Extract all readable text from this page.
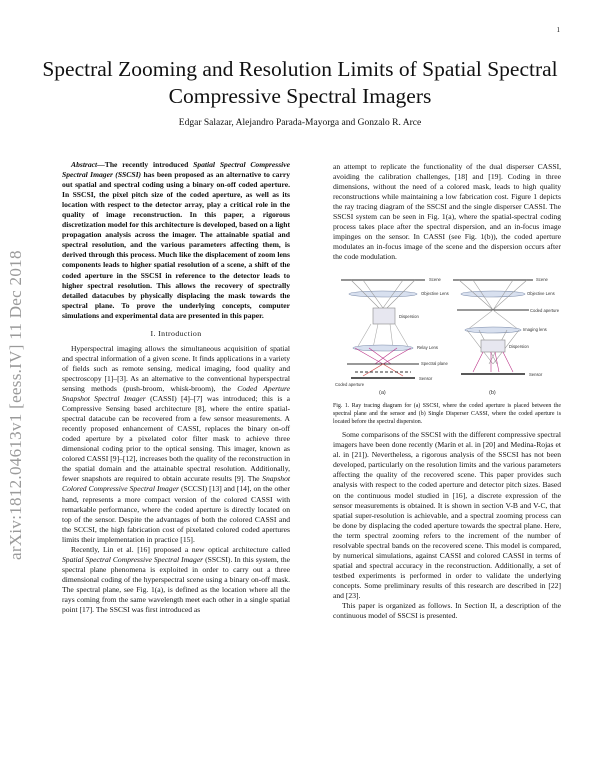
1
arXiv:1812.04613v1 [eess.IV] 11 Dec 2018
Spectral Zooming and Resolution Limits of Spatial Spectral Compressive Spectral Imagers
Edgar Salazar, Alejandro Parada-Mayorga and Gonzalo R. Arce

Abstract—The recently introduced Spatial Spectral Compressive Spectral Imager (SSCSI) has been proposed as an alternative to carry out spatial and spectral coding using a binary on-off coded aperture. In SSCSI, the pixel pitch size of the coded aperture, as well as its location with respect to the detector array, play a critical role in the quality of image reconstruction. In this paper, a rigorous discretization model for this architecture is developed, based on a light propagation analysis across the imager. The attainable spatial and spectral resolution, and the various parameters affecting them, is derived through this process. Much like the displacement of zoom lens components leads to higher spatial resolution of a scene, a shift of the coded aperture in the SSCSI in reference to the detector leads to higher spectral resolution. This allows the recovery of spectrally detailed datacubes by physically displacing the mask towards the spectral plane. To prove the underlying concepts, computer simulations and experimental data are presented in this paper.

I. Introduction

Hyperspectral imaging allows the simultaneous acquisition of spatial and spectral information of a given scene. It finds applications in a variety of fields such as remote sensing, medical imaging, food quality and spectroscopy [1]–[3]. As an alternative to the conventional hyperspectral sensing methods (push-broom, whisk-broom), the Coded Aperture Snapshot Spectral Imager (CASSI) [4]–[7] was introduced; this is a Compressive Sensing based architecture [8], where the entire spatial-spectral datacube can be recovered from a few sensor measurements. A recently proposed enhancement of CASSI, replaces the binary on-off coded aperture by a pixelated color filter mask to achieve three dimensional coding prior to the optical sensing. This imager, known as colored CASSI [9]–[12], increases both the quality of the reconstruction in the spatial domain and the attainable spectral resolution. Additionally, fewer snapshots are required to obtain accurate results [9]. The Snapshot Colored Compressive Spectral Imager (SCCSI) [13] and [14], on the other hand, represents a more compact version of the colored CASSI with remarkable performance, where the coded aperture is directly located on top of the sensor. Despite the advantages of both the colored CASSI and the SCCSI, the high fabrication cost of pixelated colored coded apertures limits their implementation in practice [15].

Recently, Lin et al. [16] proposed a new optical architecture called Spatial Spectral Compressive Spectral Imager (SSCSI). In this system, the spectral plane phenomena is exploited in order to carry out a three dimensional coding of the hyperspectral scene using a binary on-off mask. The spectral plane, see Fig. 1(a), is defined as the location where all the rays coming from the same wavelength meet each other in a single spatial point [17]. The SSCSI was first introduced as

an attempt to replicate the functionality of the dual disperser CASSI, avoiding the calibration challenges, [18] and [19]. Coding in three dimensions, without the need of a colored mask, leads to high quality reconstructions while maintaining a low fabrication cost. Figure 1 depicts the ray tracing diagram of the SSCSI and the single disperser CASSI. The SSCSI system can be seen in Fig. 1(a), where the spatial-spectral coding process takes place after the spectral dispersion, and an in-focus image impinges on the sensor. In CASSI (see Fig. 1(b)), the coded aperture modulates an in-focus image of the scene and the dispersion occurs after the code modulation.

Scene
Objective Lens
Dispersion
Relay Lens
Spectral plane
Sensor
Coded aperture
(a)
Scene
Objective Lens
Coded aperture
Imaging lens
Dispersion
Sensor
(b)

Fig. 1. Ray tracing diagram for (a) SSCSI, where the coded aperture is placed between the spectral plane and the sensor and (b) Single Disperser CASSI, where the coded aperture is located before the spectral dispersion.

Some comparisons of the SSCSI with the different compressive spectral imagers have been done recently (Marín et al. in [20] and Medina-Rojas et al. in [21]). Nevertheless, a rigorous analysis of the SSCSI has not been developed, particularly on the resolution limits and the various parameters affecting the quality of the recovered scene. This paper provides such analysis with respect to the coded aperture and detector pitch sizes. Based on the continuous model studied in [16], a discrete expression of the sensor measurements is obtained. It is shown in section V-B and V-C, that spatial super-resolution is achievable, and a spectral zooming process can be done by displacing the coded aperture towards the spectral plane. Here, the term spectral zooming refers to the increment of the number of resolvable spectral bands on the recovered scene. This model is compared, by numerical simulations, against CASSI and colored CASSI in terms of spatial and spectral accuracy in the reconstruction. Additionally, a set of testbed experiments is performed in order to validate the underlying concepts. Some preliminary results of this research are described in [22] and [23].

This paper is organized as follows. In Section II, a description of the continuous model of SSCSI is presented.
